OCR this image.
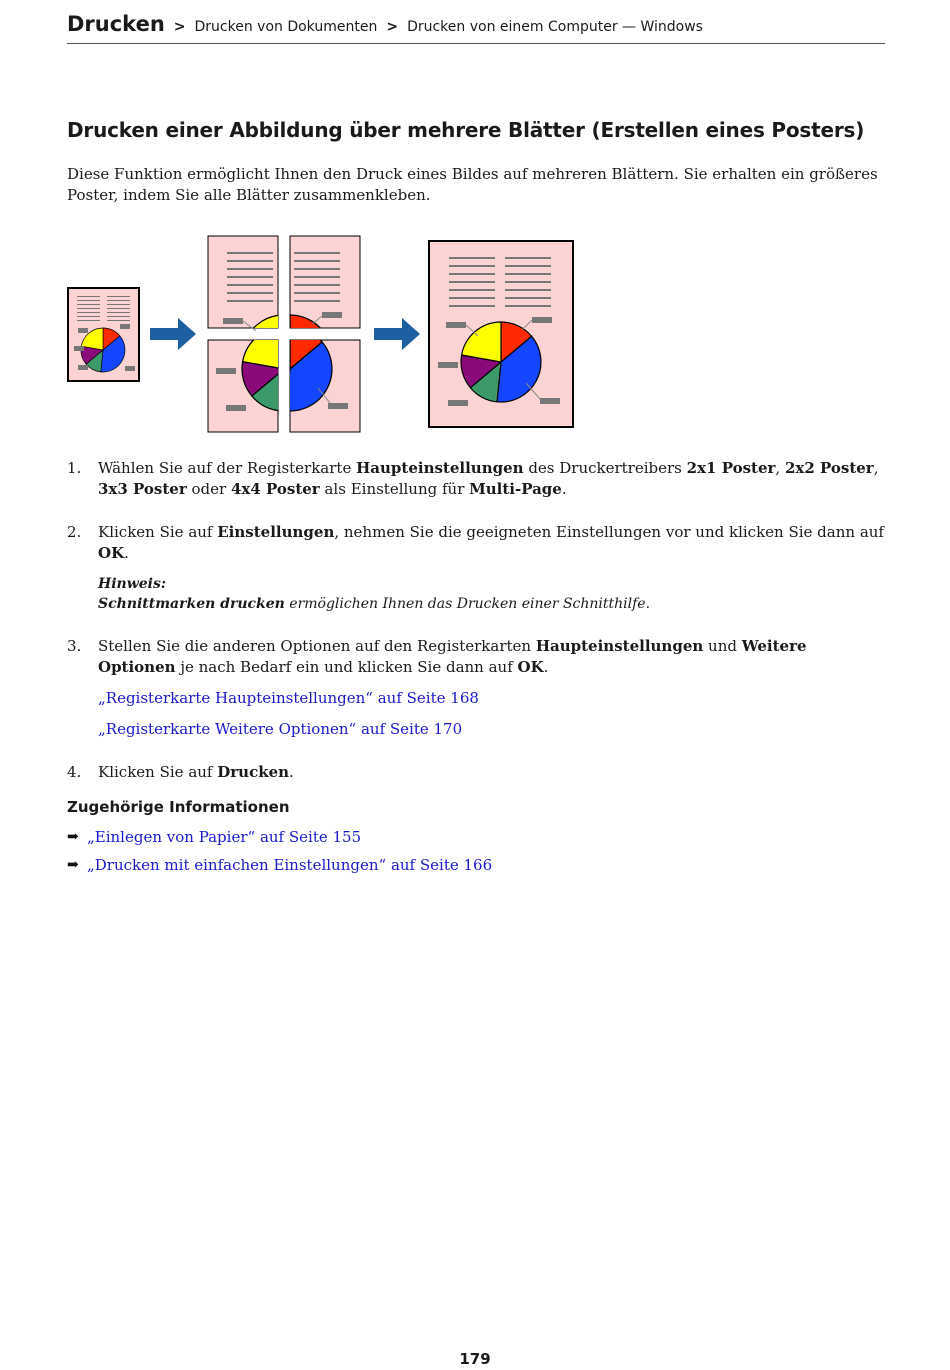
Drucken > Drucken von Dokumenten > Drucken von einem Computer — Windows
Drucken einer Abbildung über mehrere Blätter (Erstellen eines Posters)

Diese Funktion ermöglicht Ihnen den Druck eines Bildes auf mehreren Blättern. Sie erhalten ein größeres Poster, indem Sie alle Blätter zusammenkleben.

1. Wählen Sie auf der Registerkarte Haupteinstellungen des Druckertreibers 2x1 Poster, 2x2 Poster, 3x3 Poster oder 4x4 Poster als Einstellung für Multi-Page.

2. Klicken Sie auf Einstellungen, nehmen Sie die geeigneten Einstellungen vor und klicken Sie dann auf OK.

Hinweis:
Schnittmarken drucken ermöglichen Ihnen das Drucken einer Schnitthilfe.
3. Stellen Sie die anderen Optionen auf den Registerkarten Haupteinstellungen und Weitere Optionen je nach Bedarf ein und klicken Sie dann auf OK.

„Registerkarte Haupteinstellungen“ auf Seite 168
„Registerkarte Weitere Optionen“ auf Seite 170
4. Klicken Sie auf Drucken.

Zugehörige Informationen
➡ „Einlegen von Papier“ auf Seite 155
➡ „Drucken mit einfachen Einstellungen“ auf Seite 166
179
